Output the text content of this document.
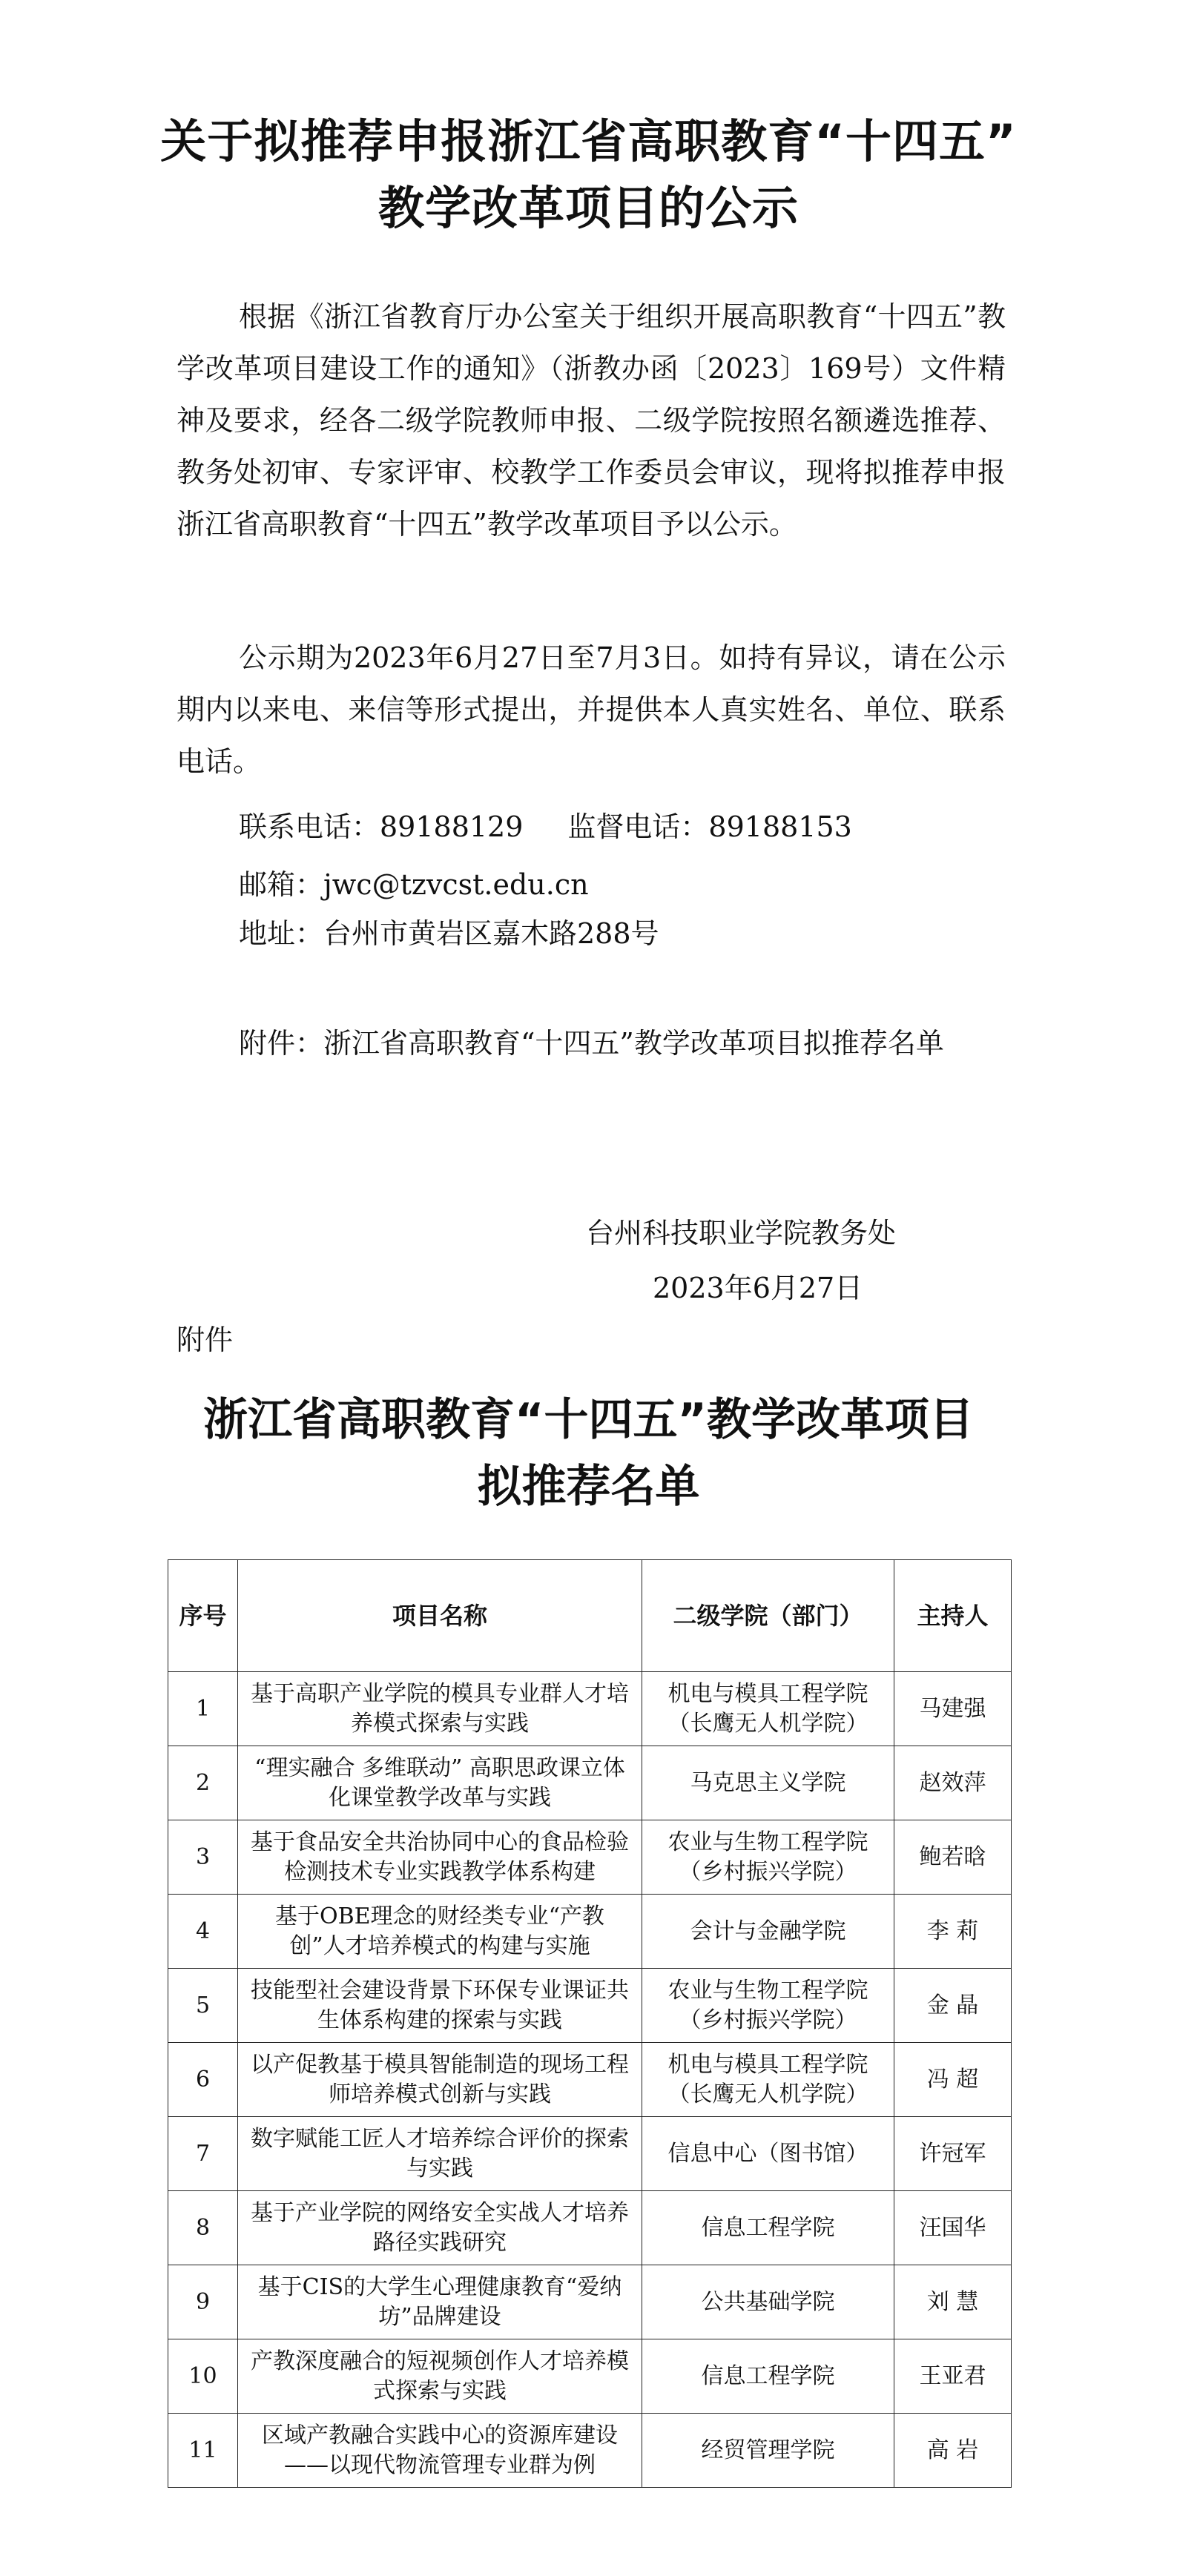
关于拟推荐申报浙江省高职教育“十四五”
教学改革项目的公示

根据《浙江省教育厅办公室关于组织开展高职教育“十四五”教学改革项目建设工作的通知》（浙教办函〔2023〕169号）文件精神及要求，经各二级学院教师申报、二级学院按照名额遴选推荐、教务处初审、专家评审、校教学工作委员会审议，现将拟推荐申报浙江省高职教育“十四五”教学改革项目予以公示。

公示期为2023年6月27日至7月3日。如持有异议，请在公示期内以来电、来信等形式提出，并提供本人真实姓名、单位、联系电话。

联系电话：89188129 监督电话：89188153
邮箱：jwc@tzvcst.edu.cn
地址：台州市黄岩区嘉木路288号
附件：浙江省高职教育“十四五”教学改革项目拟推荐名单
台州科技职业学院教务处
2023年6月27日
附件
浙江省高职教育“十四五”教学改革项目
拟推荐名单
序号	项目名称	二级学院（部门）	主持人
1	基于高职产业学院的模具专业群人才培养模式探索与实践	机电与模具工程学院（长鹰无人机学院）	马建强
2	“理实融合 多维联动” 高职思政课立体化课堂教学改革与实践	马克思主义学院	赵效萍
3	基于食品安全共治协同中心的食品检验检测技术专业实践教学体系构建	农业与生物工程学院（乡村振兴学院）	鲍若晗
4	基于OBE理念的财经类专业“产教创”人才培养模式的构建与实施	会计与金融学院	李 莉
5	技能型社会建设背景下环保专业课证共生体系构建的探索与实践	农业与生物工程学院（乡村振兴学院）	金 晶
6	以产促教基于模具智能制造的现场工程师培养模式创新与实践	机电与模具工程学院（长鹰无人机学院）	冯 超
7	数字赋能工匠人才培养综合评价的探索与实践	信息中心（图书馆）	许冠军
8	基于产业学院的网络安全实战人才培养路径实践研究	信息工程学院	汪国华
9	基于CIS的大学生心理健康教育“爱纳坊”品牌建设	公共基础学院	刘 慧
10	产教深度融合的短视频创作人才培养模式探索与实践	信息工程学院	王亚君
11	区域产教融合实践中心的资源库建设——以现代物流管理专业群为例	经贸管理学院	高 岩
